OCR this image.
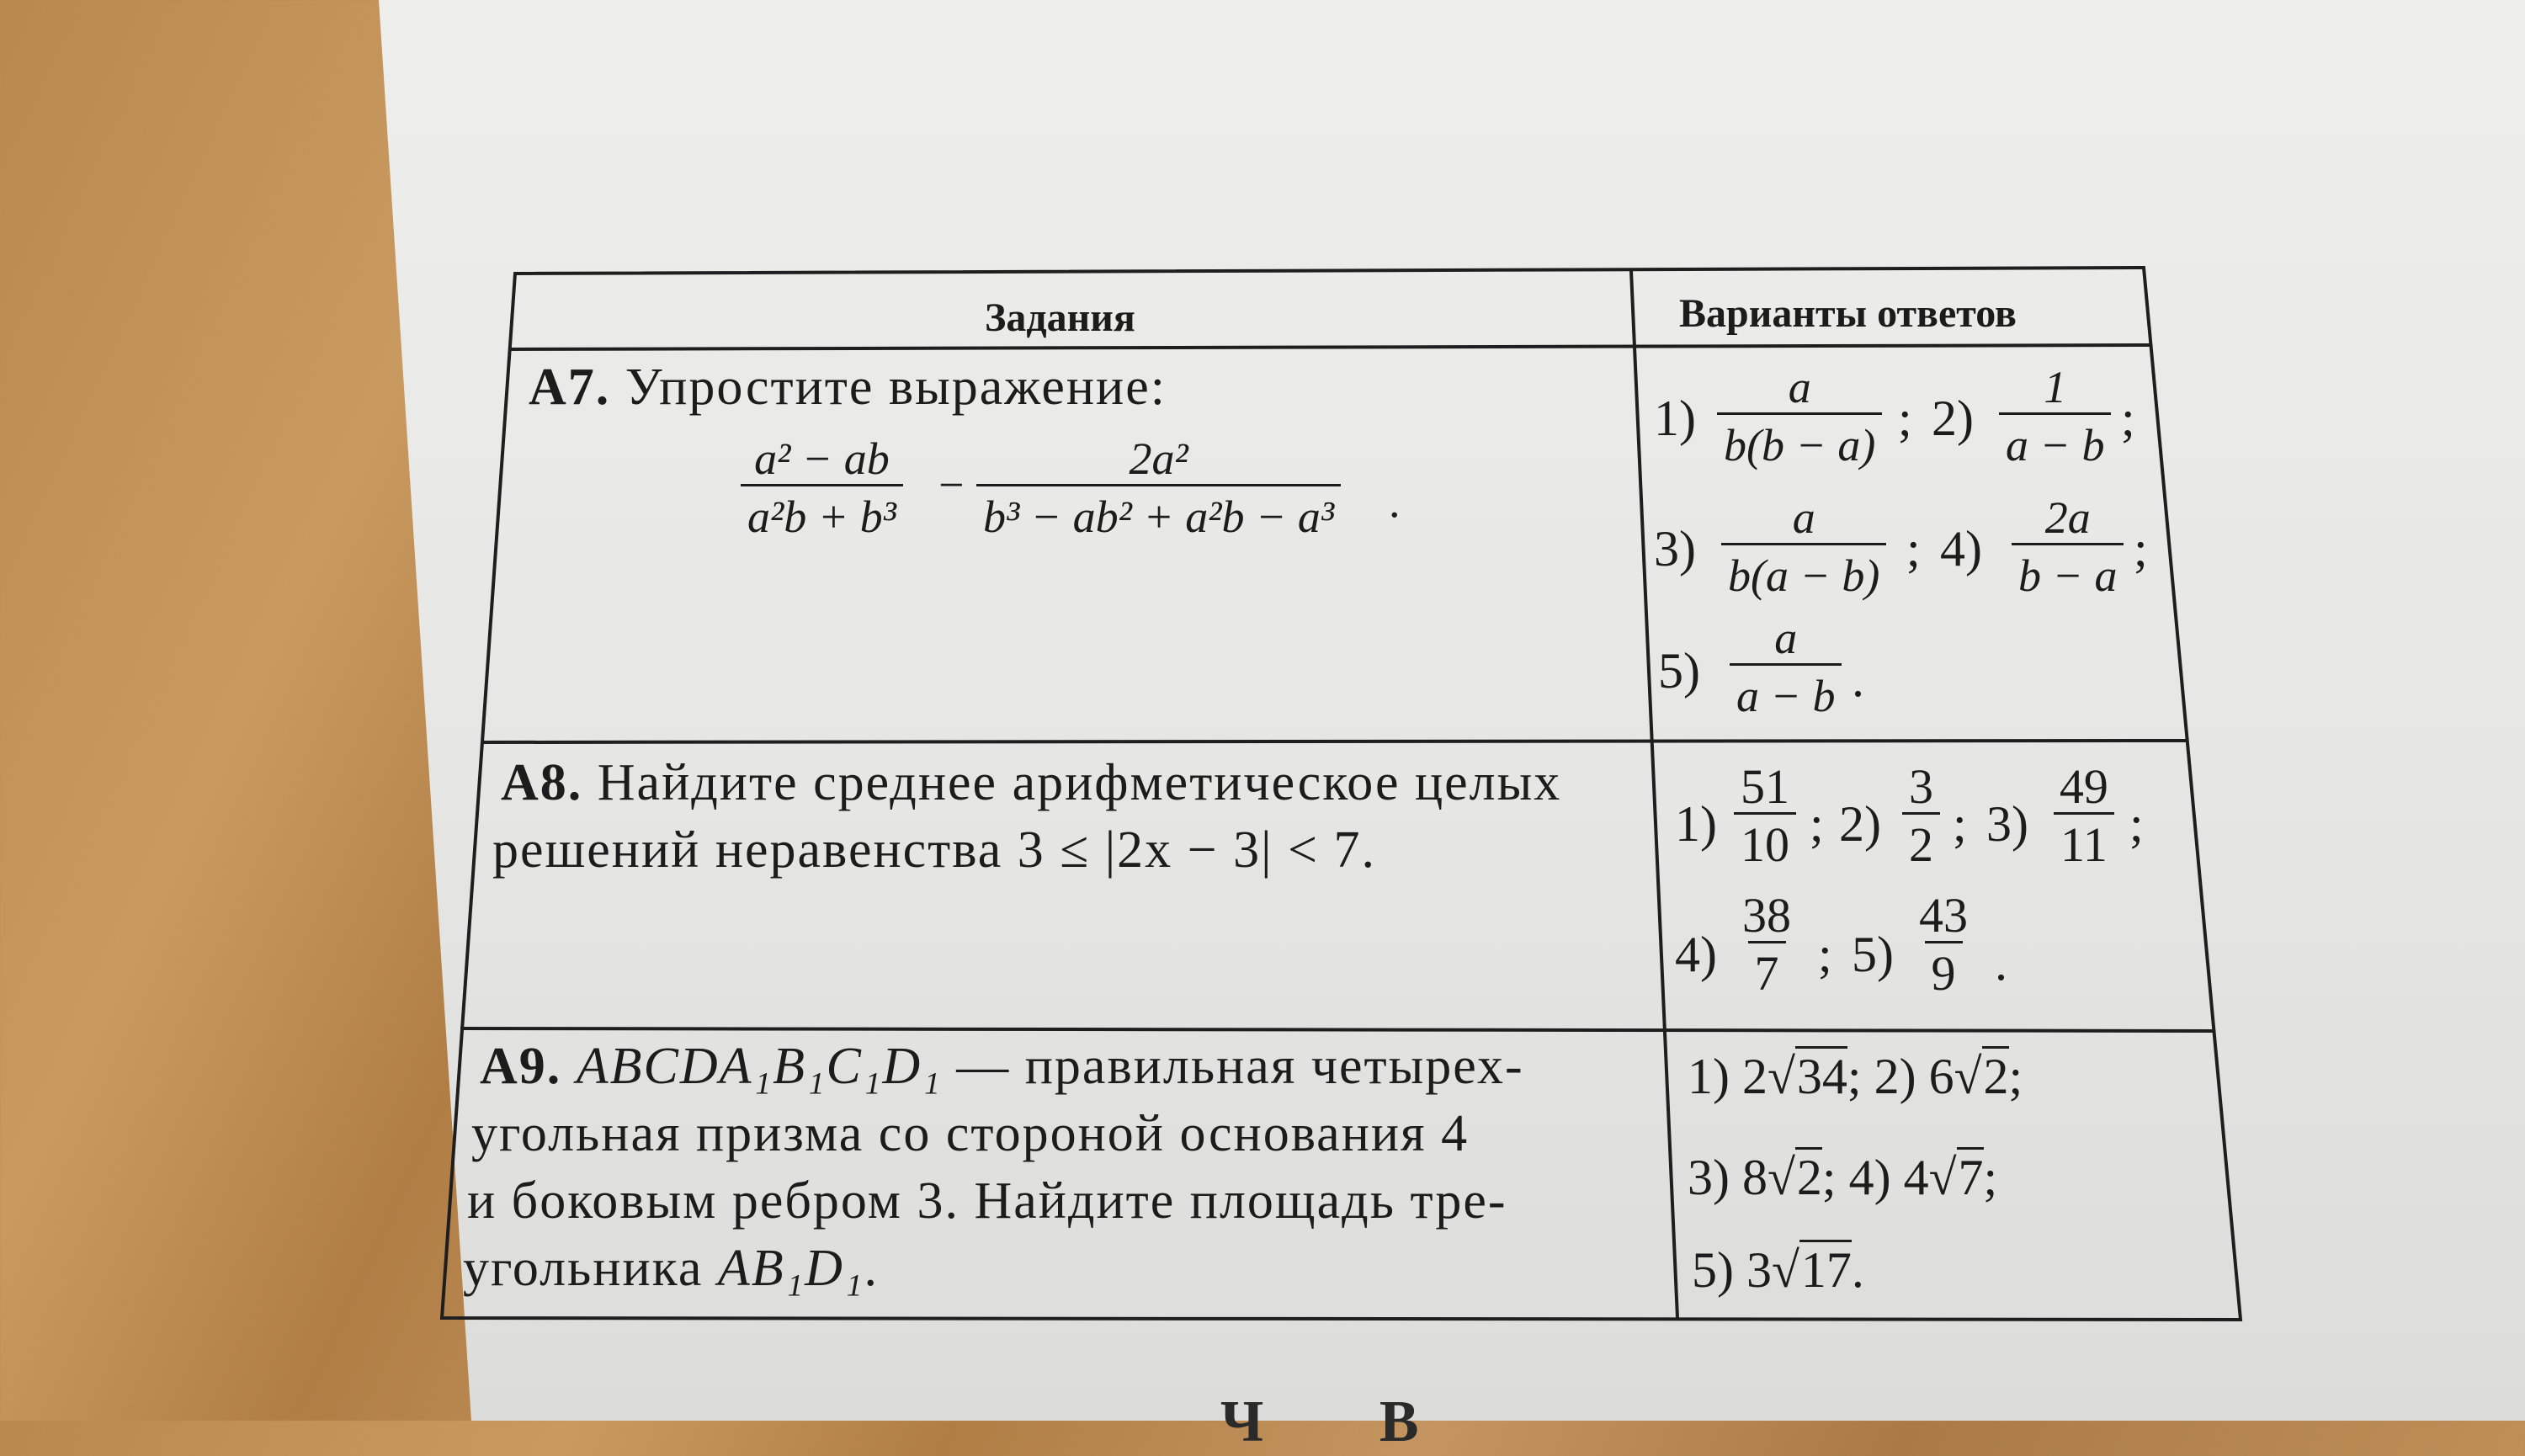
Задания	Варианты ответов
А7. Упростите выражение:
$\frac{\text{a² − ab}}{\text{a²b + b³}} - \frac{\text{2a²}}{\text{b³ − ab² + a²b − a³}}$ .
$1) \frac{a}{b(b - a)}$ ; $2) \frac{1}{a - b}$ ;
$3) \frac{a}{b(a - b)}$ ; $4) \frac{2a}{b - a}$ ;
$5) \frac{a}{a - b}$ .
А8. Найдите среднее арифметическое целых
решений неравенства 3 ≤ |2x − 3| < 7.	$1) \frac{51}{10}$ ; $2) \frac{3}{2}$ ; $3) \frac{49}{11}$ ;
$4) \frac{38}{7}$ ; $5) \frac{43}{9}$ .
А9. ABCDA₁B₁C₁D₁ — правильная четырех-
угольная призма со стороной основания 4
и боковым ребром 3. Найдите площадь тре-
угольника AB₁D₁.
1) 2√34; 2) 6√2;
3) 8√2; 4) 4√7;
5) 3√17.
Ч В
